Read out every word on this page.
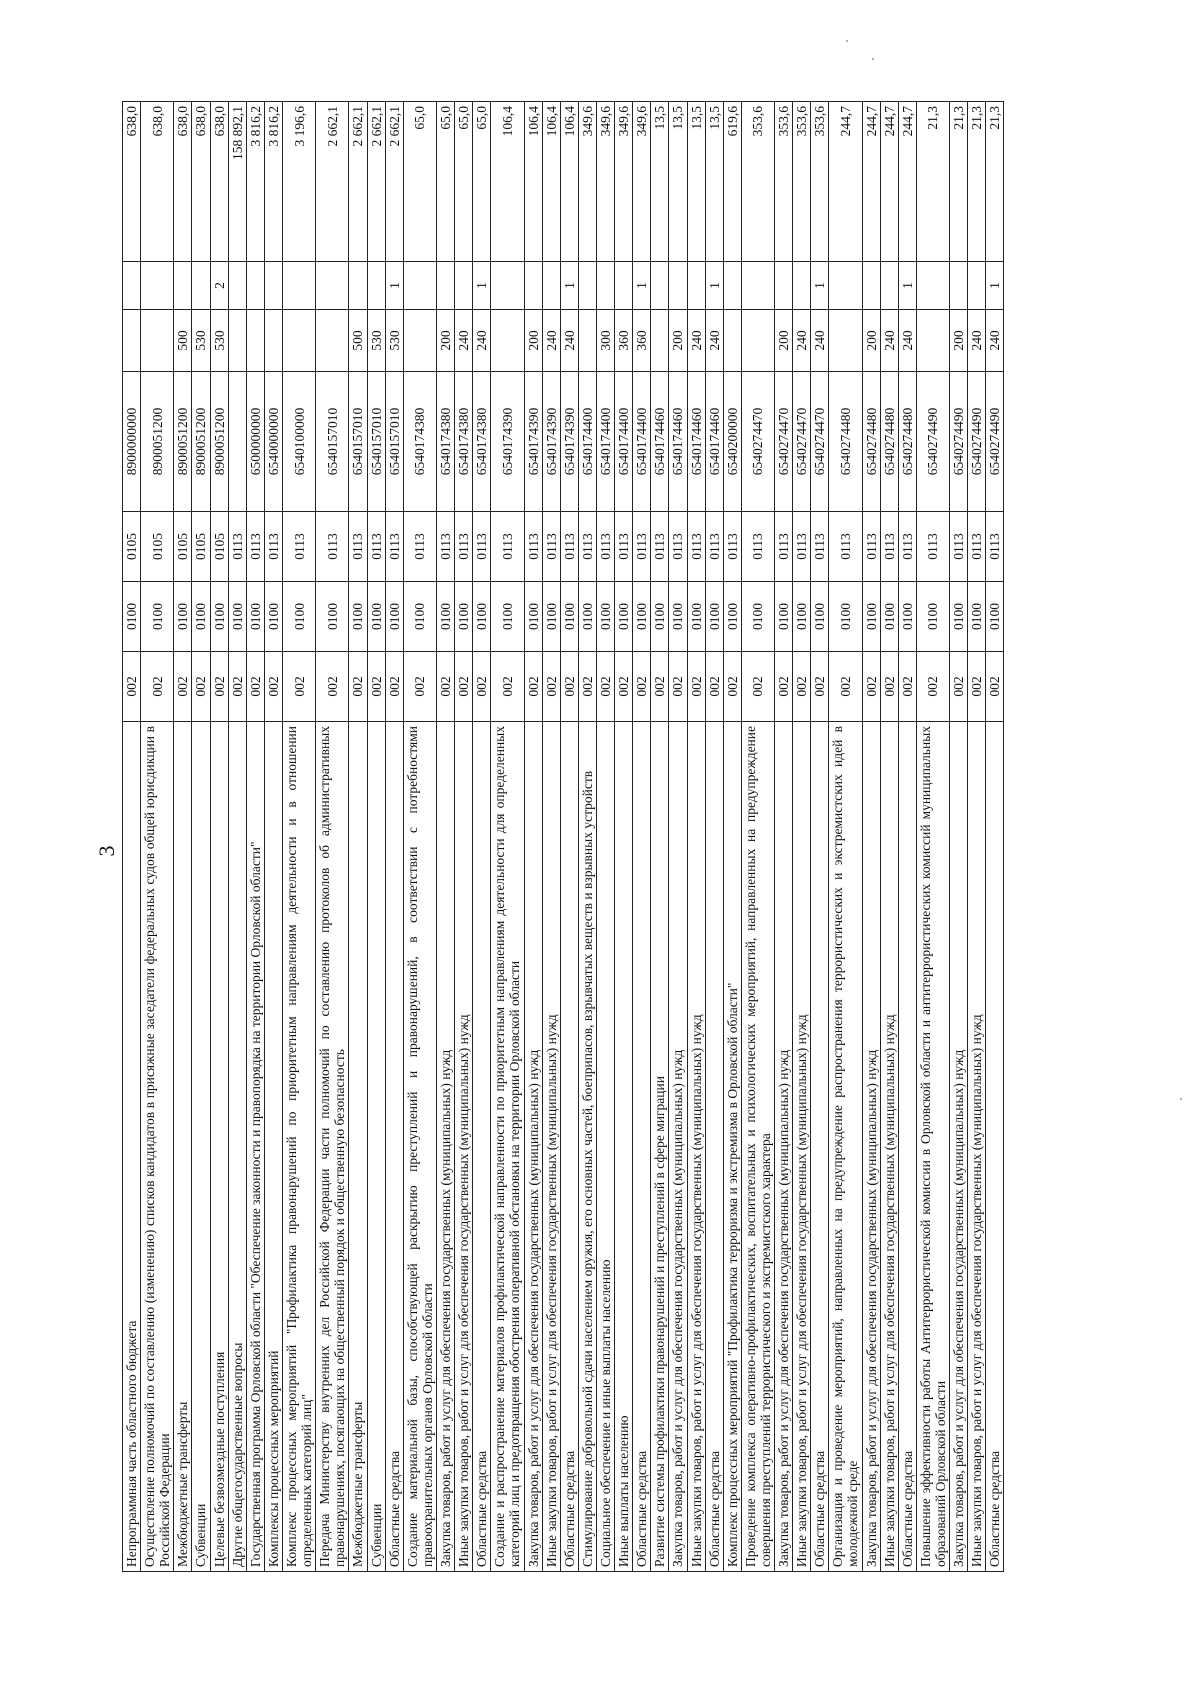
3
Непрограммная часть областного бюджета	002	0100	0105	8900000000			638,0
Осуществление полномочий по составлению (изменению) списков кандидатов в присяжные заседатели федеральных судов общей юрисдикции в Российской Федерации	002	0100	0105	8900051200			638,0
Межбюджетные трансферты	002	0100	0105	8900051200	500		638,0
Субвенции	002	0100	0105	8900051200	530		638,0
Целевые безвозмездные поступления	002	0100	0105	8900051200	530	2	638,0
Другие общегосударственные вопросы	002	0100	0113				158 892,1
Государственная программа Орловской области "Обеспечение законности и правопорядка на территории Орловской области"	002	0100	0113	6500000000			3 816,2
Комплексы процессных мероприятий	002	0100	0113	6540000000			3 816,2
Комплекс процессных мероприятий "Профилактика правонарушений по приоритетным направлениям деятельности и в отношении определенных категорий лиц"	002	0100	0113	6540100000			3 196,6
Передача Министерству внутренних дел Российской Федерации части полномочий по составлению протоколов об административных правонарушениях, посягающих на общественный порядок и общественную безопасность	002	0100	0113	6540157010			2 662,1
Межбюджетные трансферты	002	0100	0113	6540157010	500		2 662,1
Субвенции	002	0100	0113	6540157010	530		2 662,1
Областные средства	002	0100	0113	6540157010	530	1	2 662,1
Создание материальной базы, способствующей раскрытию преступлений и правонарушений, в соответствии с потребностями правоохранительных органов Орловской области	002	0100	0113	6540174380			65,0
Закупка товаров, работ и услуг для обеспечения государственных (муниципальных) нужд	002	0100	0113	6540174380	200		65,0
Иные закупки товаров, работ и услуг для обеспечения государственных (муниципальных) нужд	002	0100	0113	6540174380	240		65,0
Областные средства	002	0100	0113	6540174380	240	1	65,0
Создание и распространение материалов профилактической направленности по приоритетным направлениям деятельности для определенных категорий лиц и предотвращения обострения оперативной обстановки на территории Орловской области	002	0100	0113	6540174390			106,4
Закупка товаров, работ и услуг для обеспечения государственных (муниципальных) нужд	002	0100	0113	6540174390	200		106,4
Иные закупки товаров, работ и услуг для обеспечения государственных (муниципальных) нужд	002	0100	0113	6540174390	240		106,4
Областные средства	002	0100	0113	6540174390	240	1	106,4
Стимулирование добровольной сдачи населением оружия, его основных частей, боеприпасов, взрывчатых веществ и взрывных устройств	002	0100	0113	6540174400			349,6
Социальное обеспечение и иные выплаты населению	002	0100	0113	6540174400	300		349,6
Иные выплаты населению	002	0100	0113	6540174400	360		349,6
Областные средства	002	0100	0113	6540174400	360	1	349,6
Развитие системы профилактики правонарушений и преступлений в сфере миграции	002	0100	0113	6540174460			13,5
Закупка товаров, работ и услуг для обеспечения государственных (муниципальных) нужд	002	0100	0113	6540174460	200		13,5
Иные закупки товаров, работ и услуг для обеспечения государственных (муниципальных) нужд	002	0100	0113	6540174460	240		13,5
Областные средства	002	0100	0113	6540174460	240	1	13,5
Комплекс процессных мероприятий "Профилактика терроризма и экстремизма в Орловской области"	002	0100	0113	6540200000			619,6
Проведение комплекса оперативно-профилактических, воспитательных и психологических мероприятий, направленных на предупреждение совершения преступлений террористического и экстремистского характера	002	0100	0113	6540274470			353,6
Закупка товаров, работ и услуг для обеспечения государственных (муниципальных) нужд	002	0100	0113	6540274470	200		353,6
Иные закупки товаров, работ и услуг для обеспечения государственных (муниципальных) нужд	002	0100	0113	6540274470	240		353,6
Областные средства	002	0100	0113	6540274470	240	1	353,6
Организация и проведение мероприятий, направленных на предупреждение распространения террористических и экстремистских идей в молодежной среде	002	0100	0113	6540274480			244,7
Закупка товаров, работ и услуг для обеспечения государственных (муниципальных) нужд	002	0100	0113	6540274480	200		244,7
Иные закупки товаров, работ и услуг для обеспечения государственных (муниципальных) нужд	002	0100	0113	6540274480	240		244,7
Областные средства	002	0100	0113	6540274480	240	1	244,7
Повышение эффективности работы Антитеррористической комиссии в Орловской области и антитеррористических комиссий муниципальных образований Орловской области	002	0100	0113	6540274490			21,3
Закупка товаров, работ и услуг для обеспечения государственных (муниципальных) нужд	002	0100	0113	6540274490	200		21,3
Иные закупки товаров, работ и услуг для обеспечения государственных (муниципальных) нужд	002	0100	0113	6540274490	240		21,3
Областные средства	002	0100	0113	6540274490	240	1	21,3
